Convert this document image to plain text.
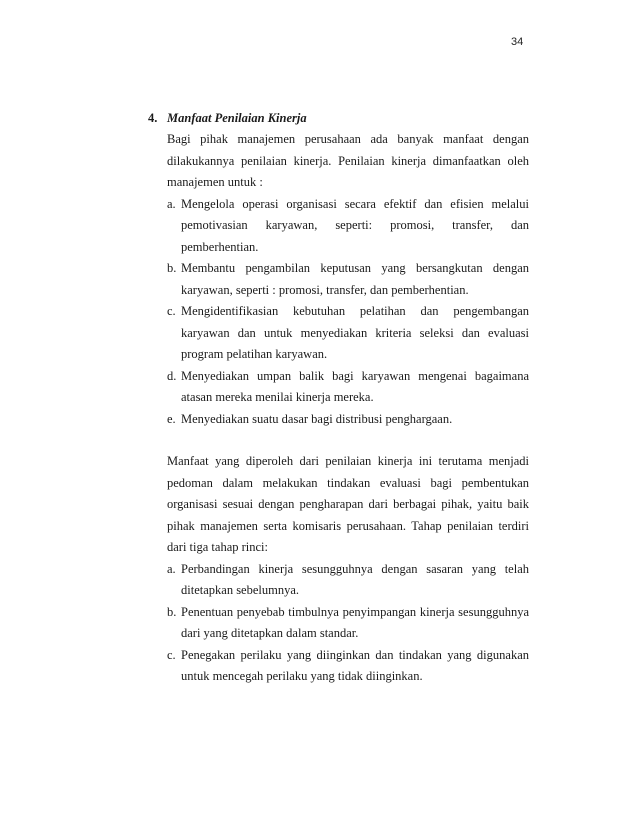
34
4. Manfaat Penilaian Kinerja

Bagi pihak manajemen perusahaan ada banyak manfaat dengan dilakukannya penilaian kinerja. Penilaian kinerja dimanfaatkan oleh manajemen untuk :

a. Mengelola operasi organisasi secara efektif dan efisien melalui pemotivasian karyawan, seperti: promosi, transfer, dan pemberhentian.
b. Membantu pengambilan keputusan yang bersangkutan dengan karyawan, seperti : promosi, transfer, dan pemberhentian.
c. Mengidentifikasian kebutuhan pelatihan dan pengembangan karyawan dan untuk menyediakan kriteria seleksi dan evaluasi program pelatihan karyawan.
d. Menyediakan umpan balik bagi karyawan mengenai bagaimana atasan mereka menilai kinerja mereka.
e. Menyediakan suatu dasar bagi distribusi penghargaan.

Manfaat yang diperoleh dari penilaian kinerja ini terutama menjadi pedoman dalam melakukan tindakan evaluasi bagi pembentukan organisasi sesuai dengan pengharapan dari berbagai pihak, yaitu baik pihak manajemen serta komisaris perusahaan. Tahap penilaian terdiri dari tiga tahap rinci:

a. Perbandingan kinerja sesungguhnya dengan sasaran yang telah ditetapkan sebelumnya.
b. Penentuan penyebab timbulnya penyimpangan kinerja sesungguhnya dari yang ditetapkan dalam standar.
c. Penegakan perilaku yang diinginkan dan tindakan yang digunakan untuk mencegah perilaku yang tidak diinginkan.
